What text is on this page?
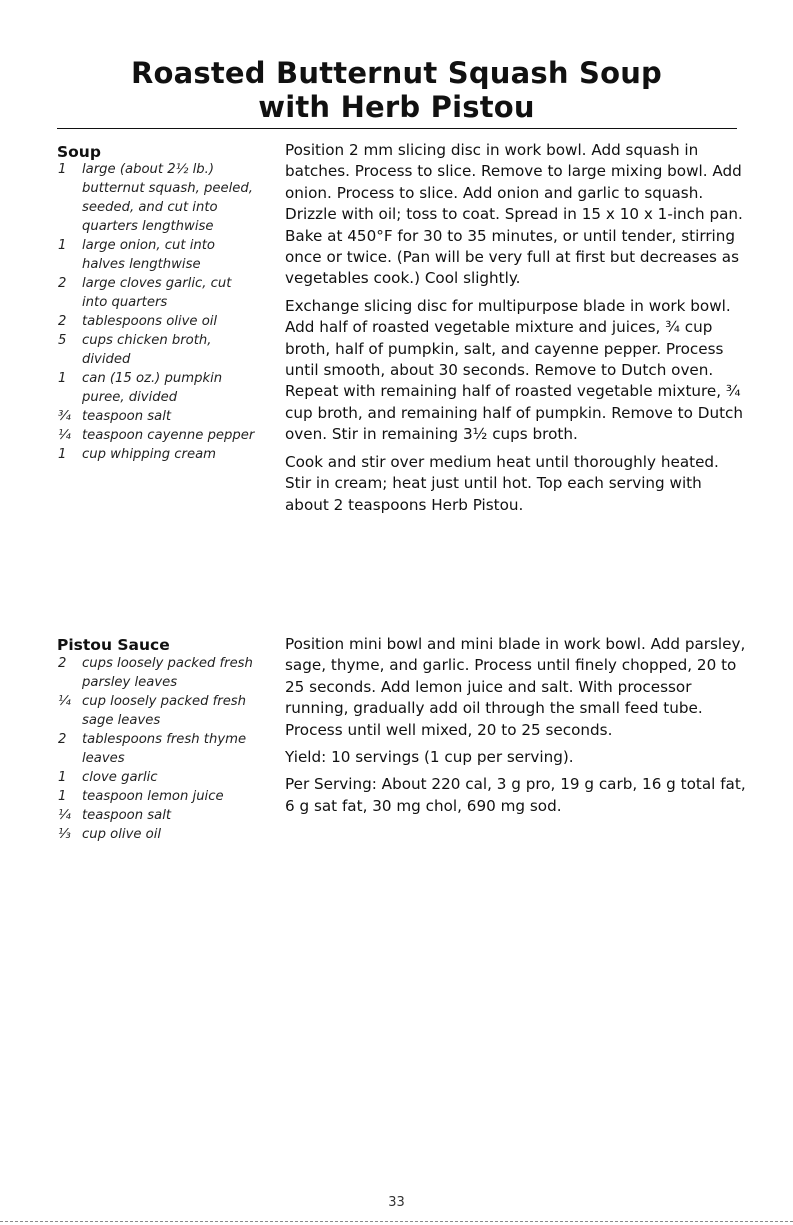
Roasted Butternut Squash Soup
with Herb Pistou
Soup
1	large (about 2½ lb.) butternut squash, peeled, seeded, and cut into quarters lengthwise
1	large onion, cut into halves lengthwise
2	large cloves garlic, cut into quarters
2	tablespoons olive oil
5	cups chicken broth, divided
1	can (15 oz.) pumpkin puree, divided
¾ teaspoon salt
¼ teaspoon cayenne pepper
1	cup whipping cream

Position 2 mm slicing disc in work bowl. Add squash in batches. Process to slice. Remove to large mixing bowl. Add onion. Process to slice. Add onion and garlic to squash. Drizzle with oil; toss to coat. Spread in 15 x 10 x 1-inch pan. Bake at 450°F for 30 to 35 minutes, or until tender, stirring once or twice. (Pan will be very full at first but decreases as vegetables cook.) Cool slightly.

Exchange slicing disc for multipurpose blade in work bowl. Add half of roasted vegetable mixture and juices, ¾ cup broth, half of pumpkin, salt, and cayenne pepper. Process until smooth, about 30 seconds. Remove to Dutch oven. Repeat with remaining half of roasted vegetable mixture, ¾ cup broth, and remaining half of pumpkin. Remove to Dutch oven. Stir in remaining 3½ cups broth.

Cook and stir over medium heat until thoroughly heated. Stir in cream; heat just until hot. Top each serving with about 2 teaspoons Herb Pistou.

Pistou Sauce
2	cups loosely packed fresh parsley leaves
¼ cup loosely packed fresh sage leaves
2	tablespoons fresh thyme leaves
1	clove garlic
1	teaspoon lemon juice
¼ teaspoon salt
⅓ cup olive oil

Position mini bowl and mini blade in work bowl. Add parsley, sage, thyme, and garlic. Process until finely chopped, 20 to 25 seconds. Add lemon juice and salt. With processor running, gradually add oil through the small feed tube. Process until well mixed, 20 to 25 seconds.

Yield: 10 servings (1 cup per serving).

Per Serving: About 220 cal, 3 g pro, 19 g carb, 16 g total fat, 6 g sat fat, 30 mg chol, 690 mg sod.

33
